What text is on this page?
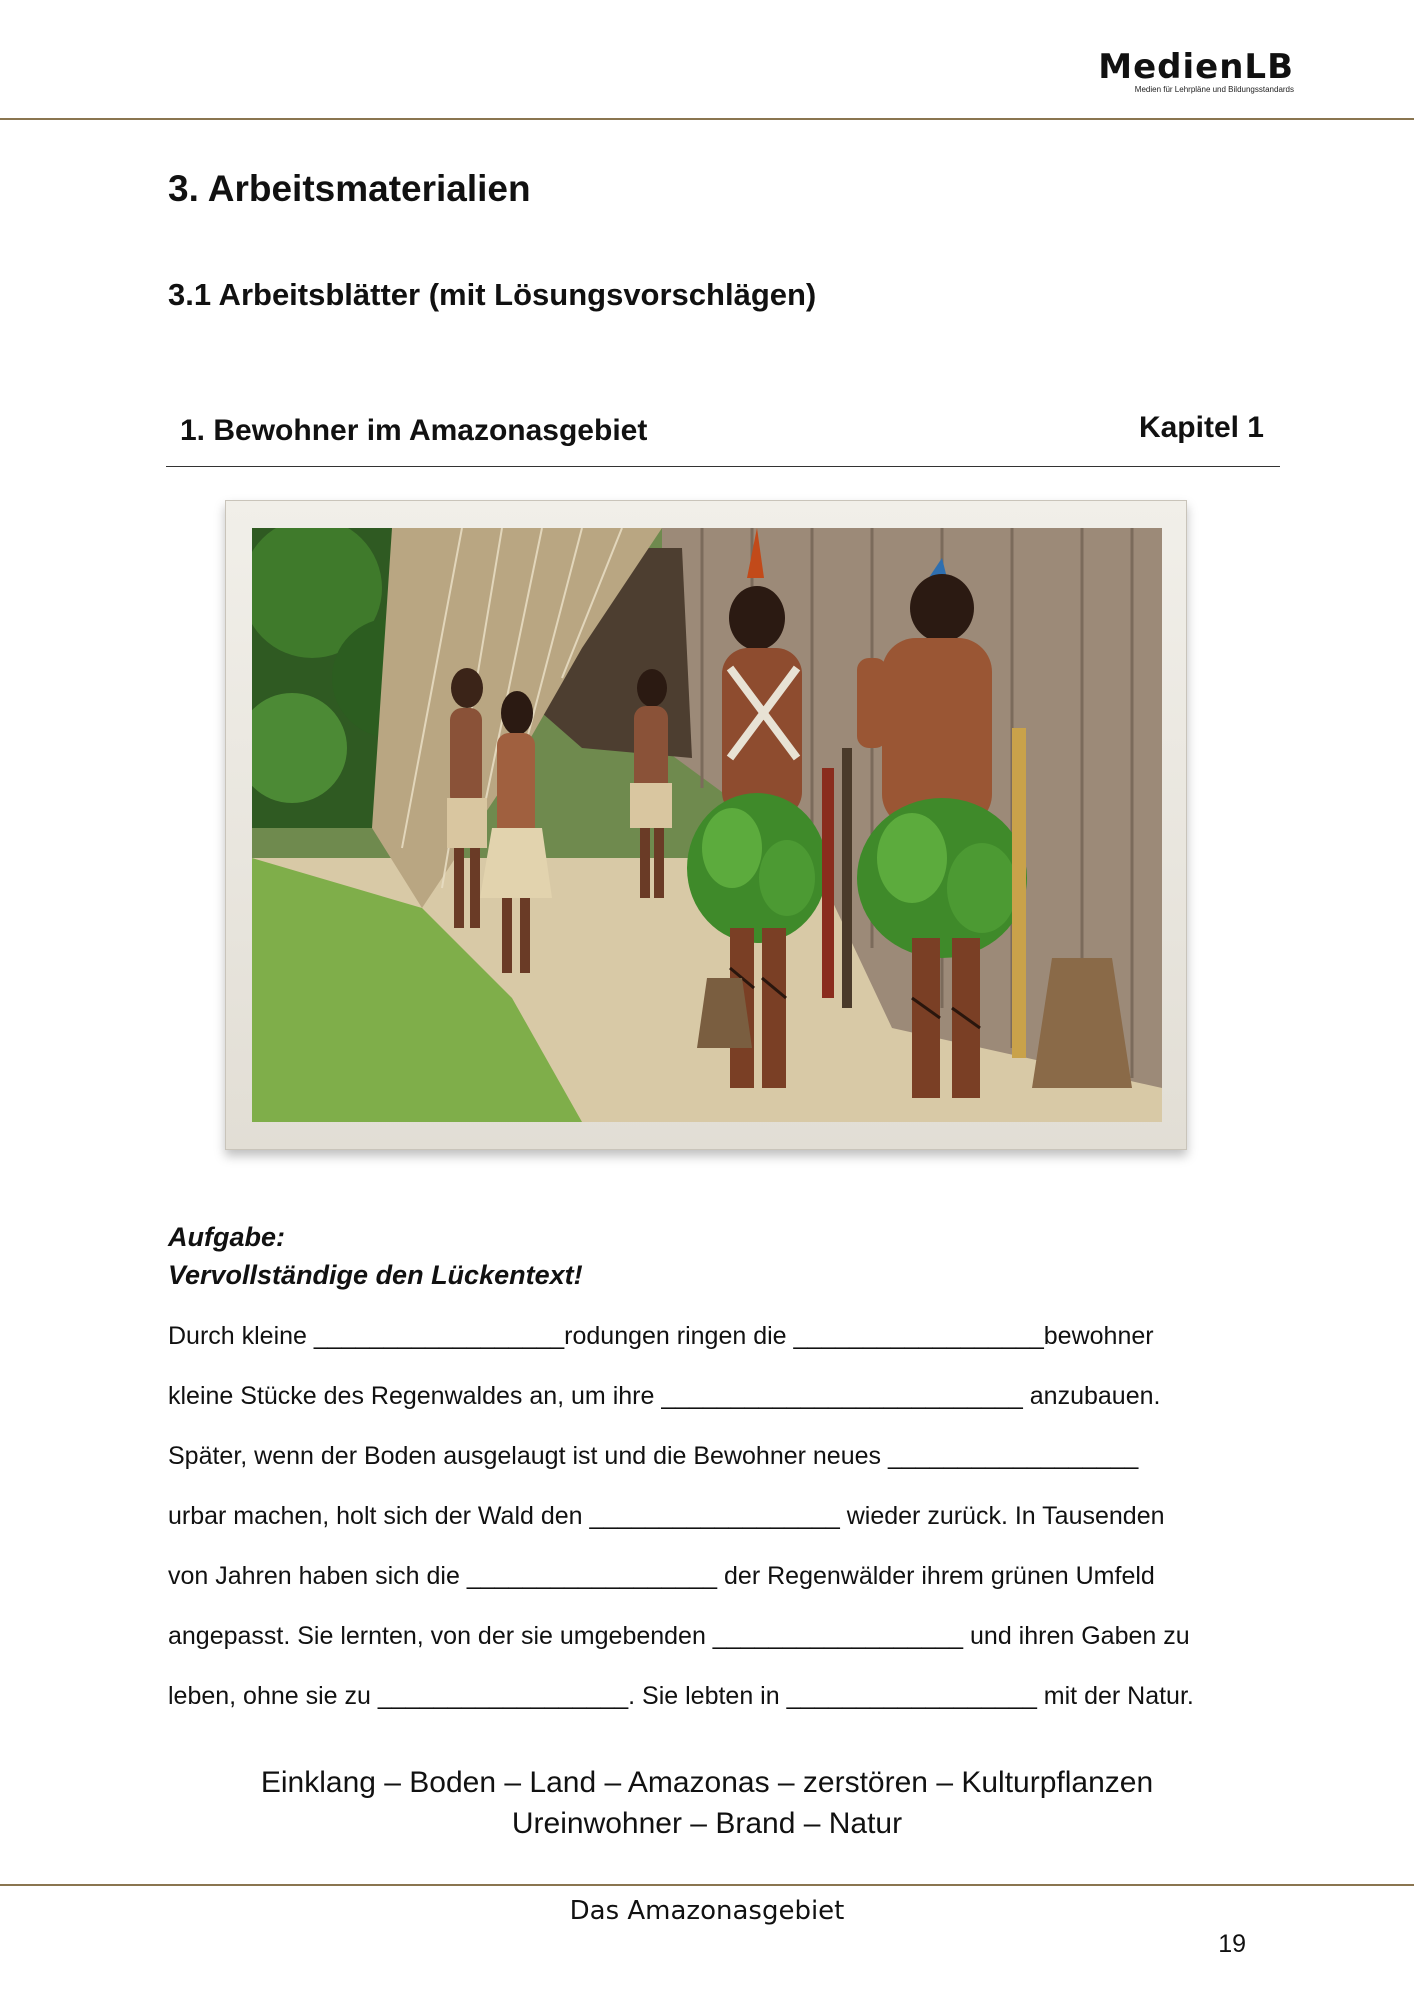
MedienLB
Medien für Lehrpläne und Bildungsstandards
3. Arbeitsmaterialien
3.1 Arbeitsblätter (mit Lösungsvorschlägen)
1. Bewohner im Amazonasgebiet	Kapitel 1
Aufgabe:
Vervollständige den Lückentext!
Durch kleine __________________rodungen ringen die __________________bewohner
kleine Stücke des Regenwaldes an, um ihre __________________________ anzubauen.
Später, wenn der Boden ausgelaugt ist und die Bewohner neues __________________
urbar machen, holt sich der Wald den __________________ wieder zurück. In Tausenden
von Jahren haben sich die __________________ der Regenwälder ihrem grünen Umfeld
angepasst. Sie lernten, von der sie umgebenden __________________ und ihren Gaben zu
leben, ohne sie zu __________________. Sie lebten in __________________ mit der Natur.
Einklang – Boden – Land – Amazonas – zerstören – Kulturpflanzen
Ureinwohner – Brand – Natur
Das Amazonasgebiet
19
